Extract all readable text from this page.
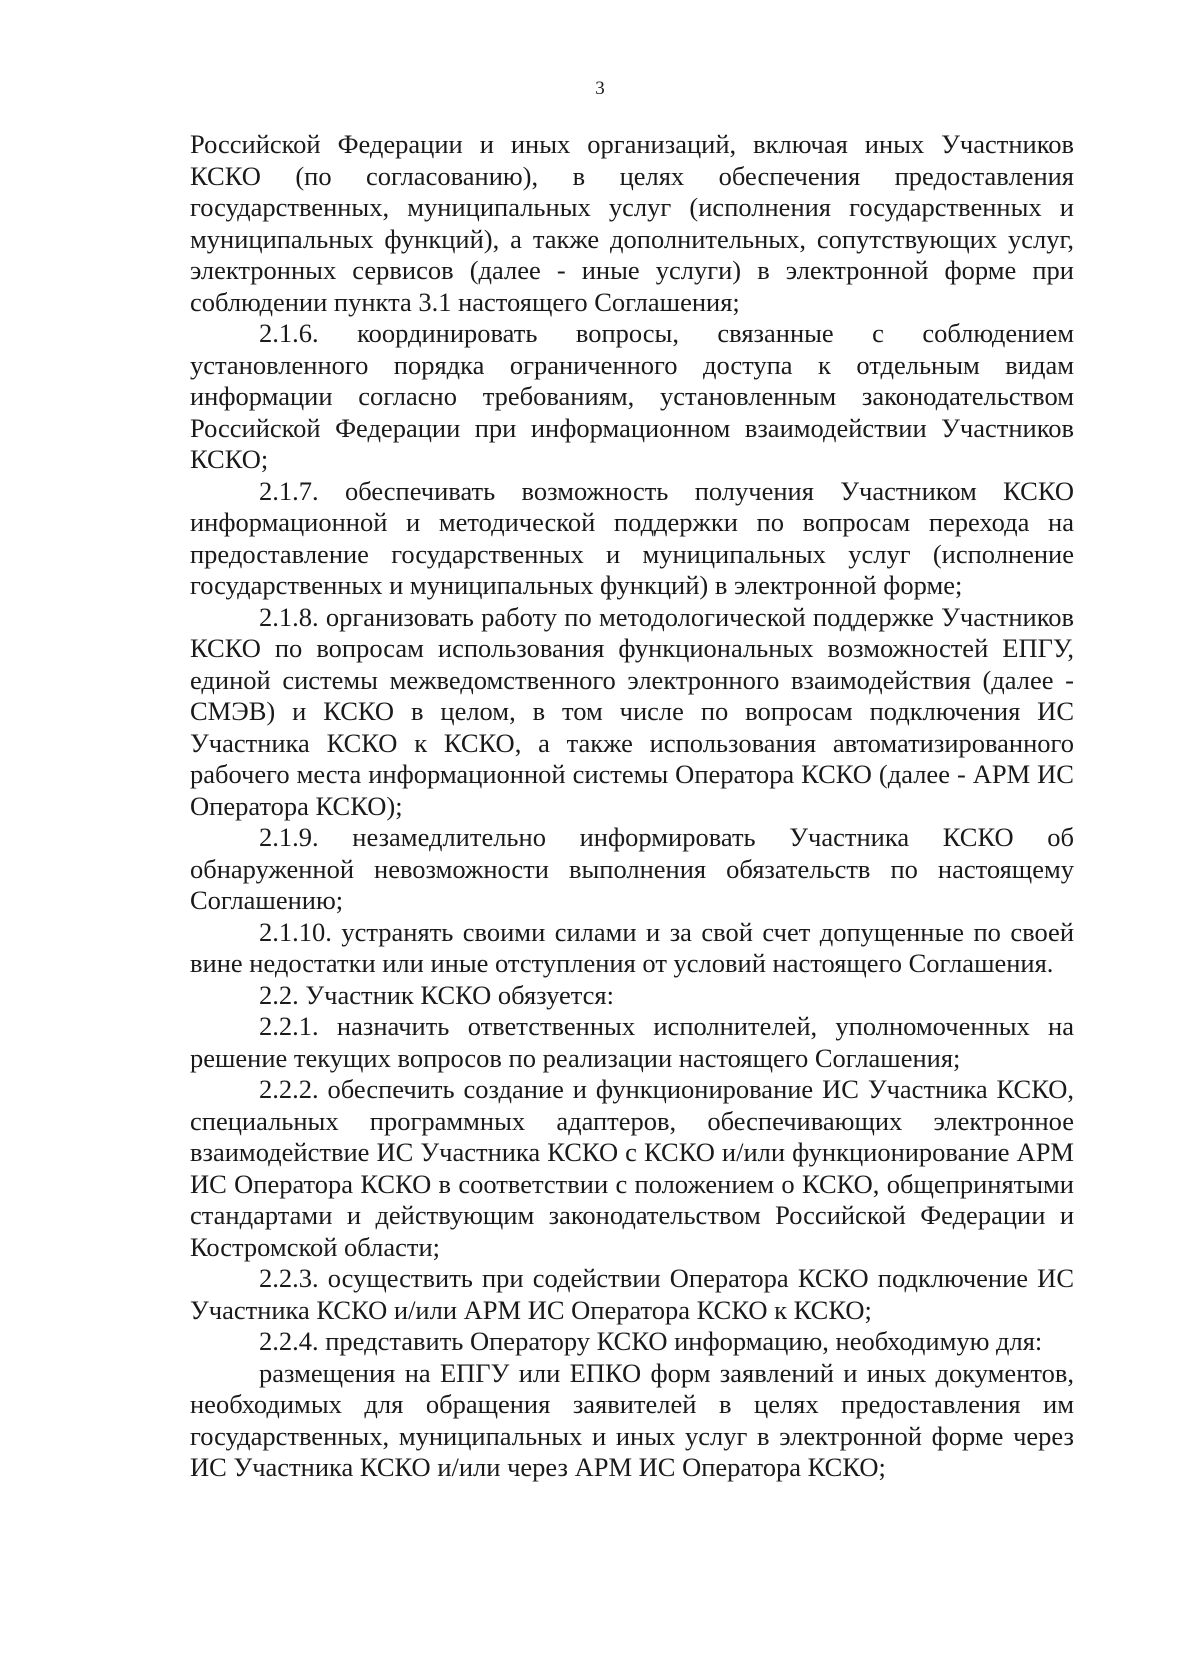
3

Российской Федерации и иных организаций, включая иных Участников КСКО (по согласованию), в целях обеспечения предоставления государственных, муниципальных услуг (исполнения государственных и муниципальных функций), а также дополнительных, сопутствующих услуг, электронных сервисов (далее - иные услуги) в электронной форме при соблюдении пункта 3.1 настоящего Соглашения;

2.1.6. координировать вопросы, связанные с соблюдением установленного порядка ограниченного доступа к отдельным видам информации согласно требованиям, установленным законодательством Российской Федерации при информационном взаимодействии Участников КСКО;

2.1.7. обеспечивать возможность получения Участником КСКО информационной и методической поддержки по вопросам перехода на предоставление государственных и муниципальных услуг (исполнение государственных и муниципальных функций) в электронной форме;

2.1.8. организовать работу по методологической поддержке Участников КСКО по вопросам использования функциональных возможностей ЕПГУ, единой системы межведомственного электронного взаимодействия (далее - СМЭВ) и КСКО в целом, в том числе по вопросам подключения ИС Участника КСКО к КСКО, а также использования автоматизированного рабочего места информационной системы Оператора КСКО (далее - АРМ ИС Оператора КСКО);

2.1.9. незамедлительно информировать Участника КСКО об обнаруженной невозможности выполнения обязательств по настоящему Соглашению;

2.1.10. устранять своими силами и за свой счет допущенные по своей вине недостатки или иные отступления от условий настоящего Соглашения.

2.2. Участник КСКО обязуется:

2.2.1. назначить ответственных исполнителей, уполномоченных на решение текущих вопросов по реализации настоящего Соглашения;

2.2.2. обеспечить создание и функционирование ИС Участника КСКО, специальных программных адаптеров, обеспечивающих электронное взаимодействие ИС Участника КСКО с КСКО и/или функционирование АРМ ИС Оператора КСКО в соответствии с положением о КСКО, общепринятыми стандартами и действующим законодательством Российской Федерации и Костромской области;

2.2.3. осуществить при содействии Оператора КСКО подключение ИС Участника КСКО и/или АРМ ИС Оператора КСКО к КСКО;

2.2.4. представить Оператору КСКО информацию, необходимую для:

размещения на ЕПГУ или ЕПКО форм заявлений и иных документов, необходимых для обращения заявителей в целях предоставления им государственных, муниципальных и иных услуг в электронной форме через ИС Участника КСКО и/или через АРМ ИС Оператора КСКО;
